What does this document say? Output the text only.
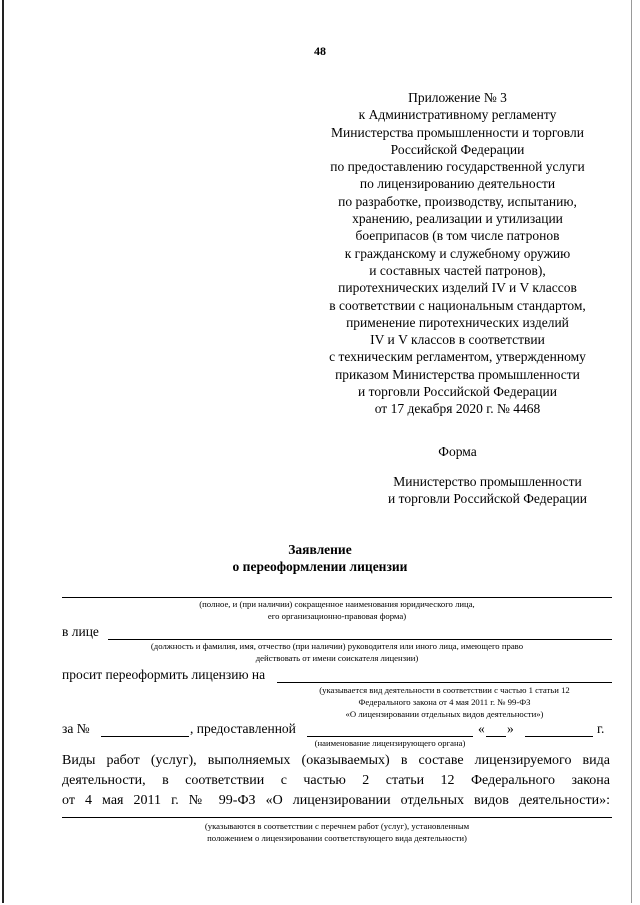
48
Приложение № 3
к Административному регламенту
Министерства промышленности и торговли
Российской Федерации
по предоставлению государственной услуги
по лицензированию деятельности
по разработке, производству, испытанию,
хранению, реализации и утилизации
боеприпасов (в том числе патронов
к гражданскому и служебному оружию
и составных частей патронов),
пиротехнических изделий IV и V классов
в соответствии с национальным стандартом,
применение пиротехнических изделий
IV и V классов в соответствии
с техническим регламентом, утвержденному
приказом Министерства промышленности
и торговли Российской Федерации
от 17 декабря 2020 г. № 4468
Форма
Министерство промышленности
и торговли Российской Федерации
Заявление
о переоформлении лицензии
(полное, и (при наличии) сокращенное наименования юридического лица,
его организационно-правовая форма)
в лице
(должность и фамилия, имя, отчество (при наличии) руководителя или иного лица, имеющего право
действовать от имени соискателя лицензии)
просит переоформить лицензию на
(указывается вид деятельности в соответствии с частью 1 статьи 12
Федерального закона от 4 мая 2011 г. № 99-ФЗ
«О лицензировании отдельных видов деятельности»)
за №	, предоставленной	« »	г.
(наименование лицензирующего органа)
Виды работ (услуг), выполняемых (оказываемых) в составе лицензируемого вида
деятельности, в соответствии с частью 2 статьи 12 Федерального закона
от 4 мая 2011 г. № 99-ФЗ «О лицензировании отдельных видов деятельности»:
(указываются в соответствии с перечнем работ (услуг), установленным
положением о лицензировании соответствующего вида деятельности)
